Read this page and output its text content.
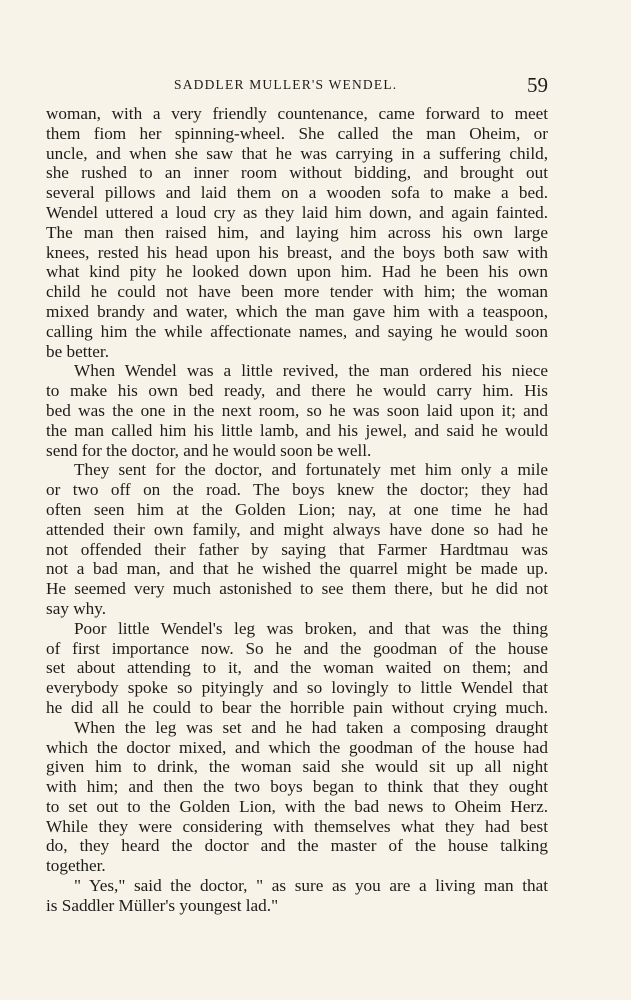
SADDLER MULLER'S WENDEL.	59
woman, with a very friendly countenance, came forward to meet
them fiom her spinning-wheel. She called the man Oheim, or
uncle, and when she saw that he was carrying in a suffering child,
she rushed to an inner room without bidding, and brought out
several pillows and laid them on a wooden sofa to make a bed.
Wendel uttered a loud cry as they laid him down, and again fainted.
The man then raised him, and laying him across his own large
knees, rested his head upon his breast, and the boys both saw with
what kind pity he looked down upon him. Had he been his own
child he could not have been more tender with him; the woman
mixed brandy and water, which the man gave him with a teaspoon,
calling him the while affectionate names, and saying he would soon
be better.
When Wendel was a little revived, the man ordered his niece
to make his own bed ready, and there he would carry him. His
bed was the one in the next room, so he was soon laid upon it; and
the man called him his little lamb, and his jewel, and said he would
send for the doctor, and he would soon be well.
They sent for the doctor, and fortunately met him only a mile
or two off on the road. The boys knew the doctor; they had
often seen him at the Golden Lion; nay, at one time he had
attended their own family, and might always have done so had he
not offended their father by saying that Farmer Hardtmau was
not a bad man, and that he wished the quarrel might be made up.
He seemed very much astonished to see them there, but he did not
say why.
Poor little Wendel's leg was broken, and that was the thing
of first importance now. So he and the goodman of the house
set about attending to it, and the woman waited on them; and
everybody spoke so pityingly and so lovingly to little Wendel that
he did all he could to bear the horrible pain without crying much.
When the leg was set and he had taken a composing draught
which the doctor mixed, and which the goodman of the house had
given him to drink, the woman said she would sit up all night
with him; and then the two boys began to think that they ought
to set out to the Golden Lion, with the bad news to Oheim Herz.
While they were considering with themselves what they had best
do, they heard the doctor and the master of the house talking
together.
" Yes," said the doctor, " as sure as you are a living man that
is Saddler Müller's youngest lad."
